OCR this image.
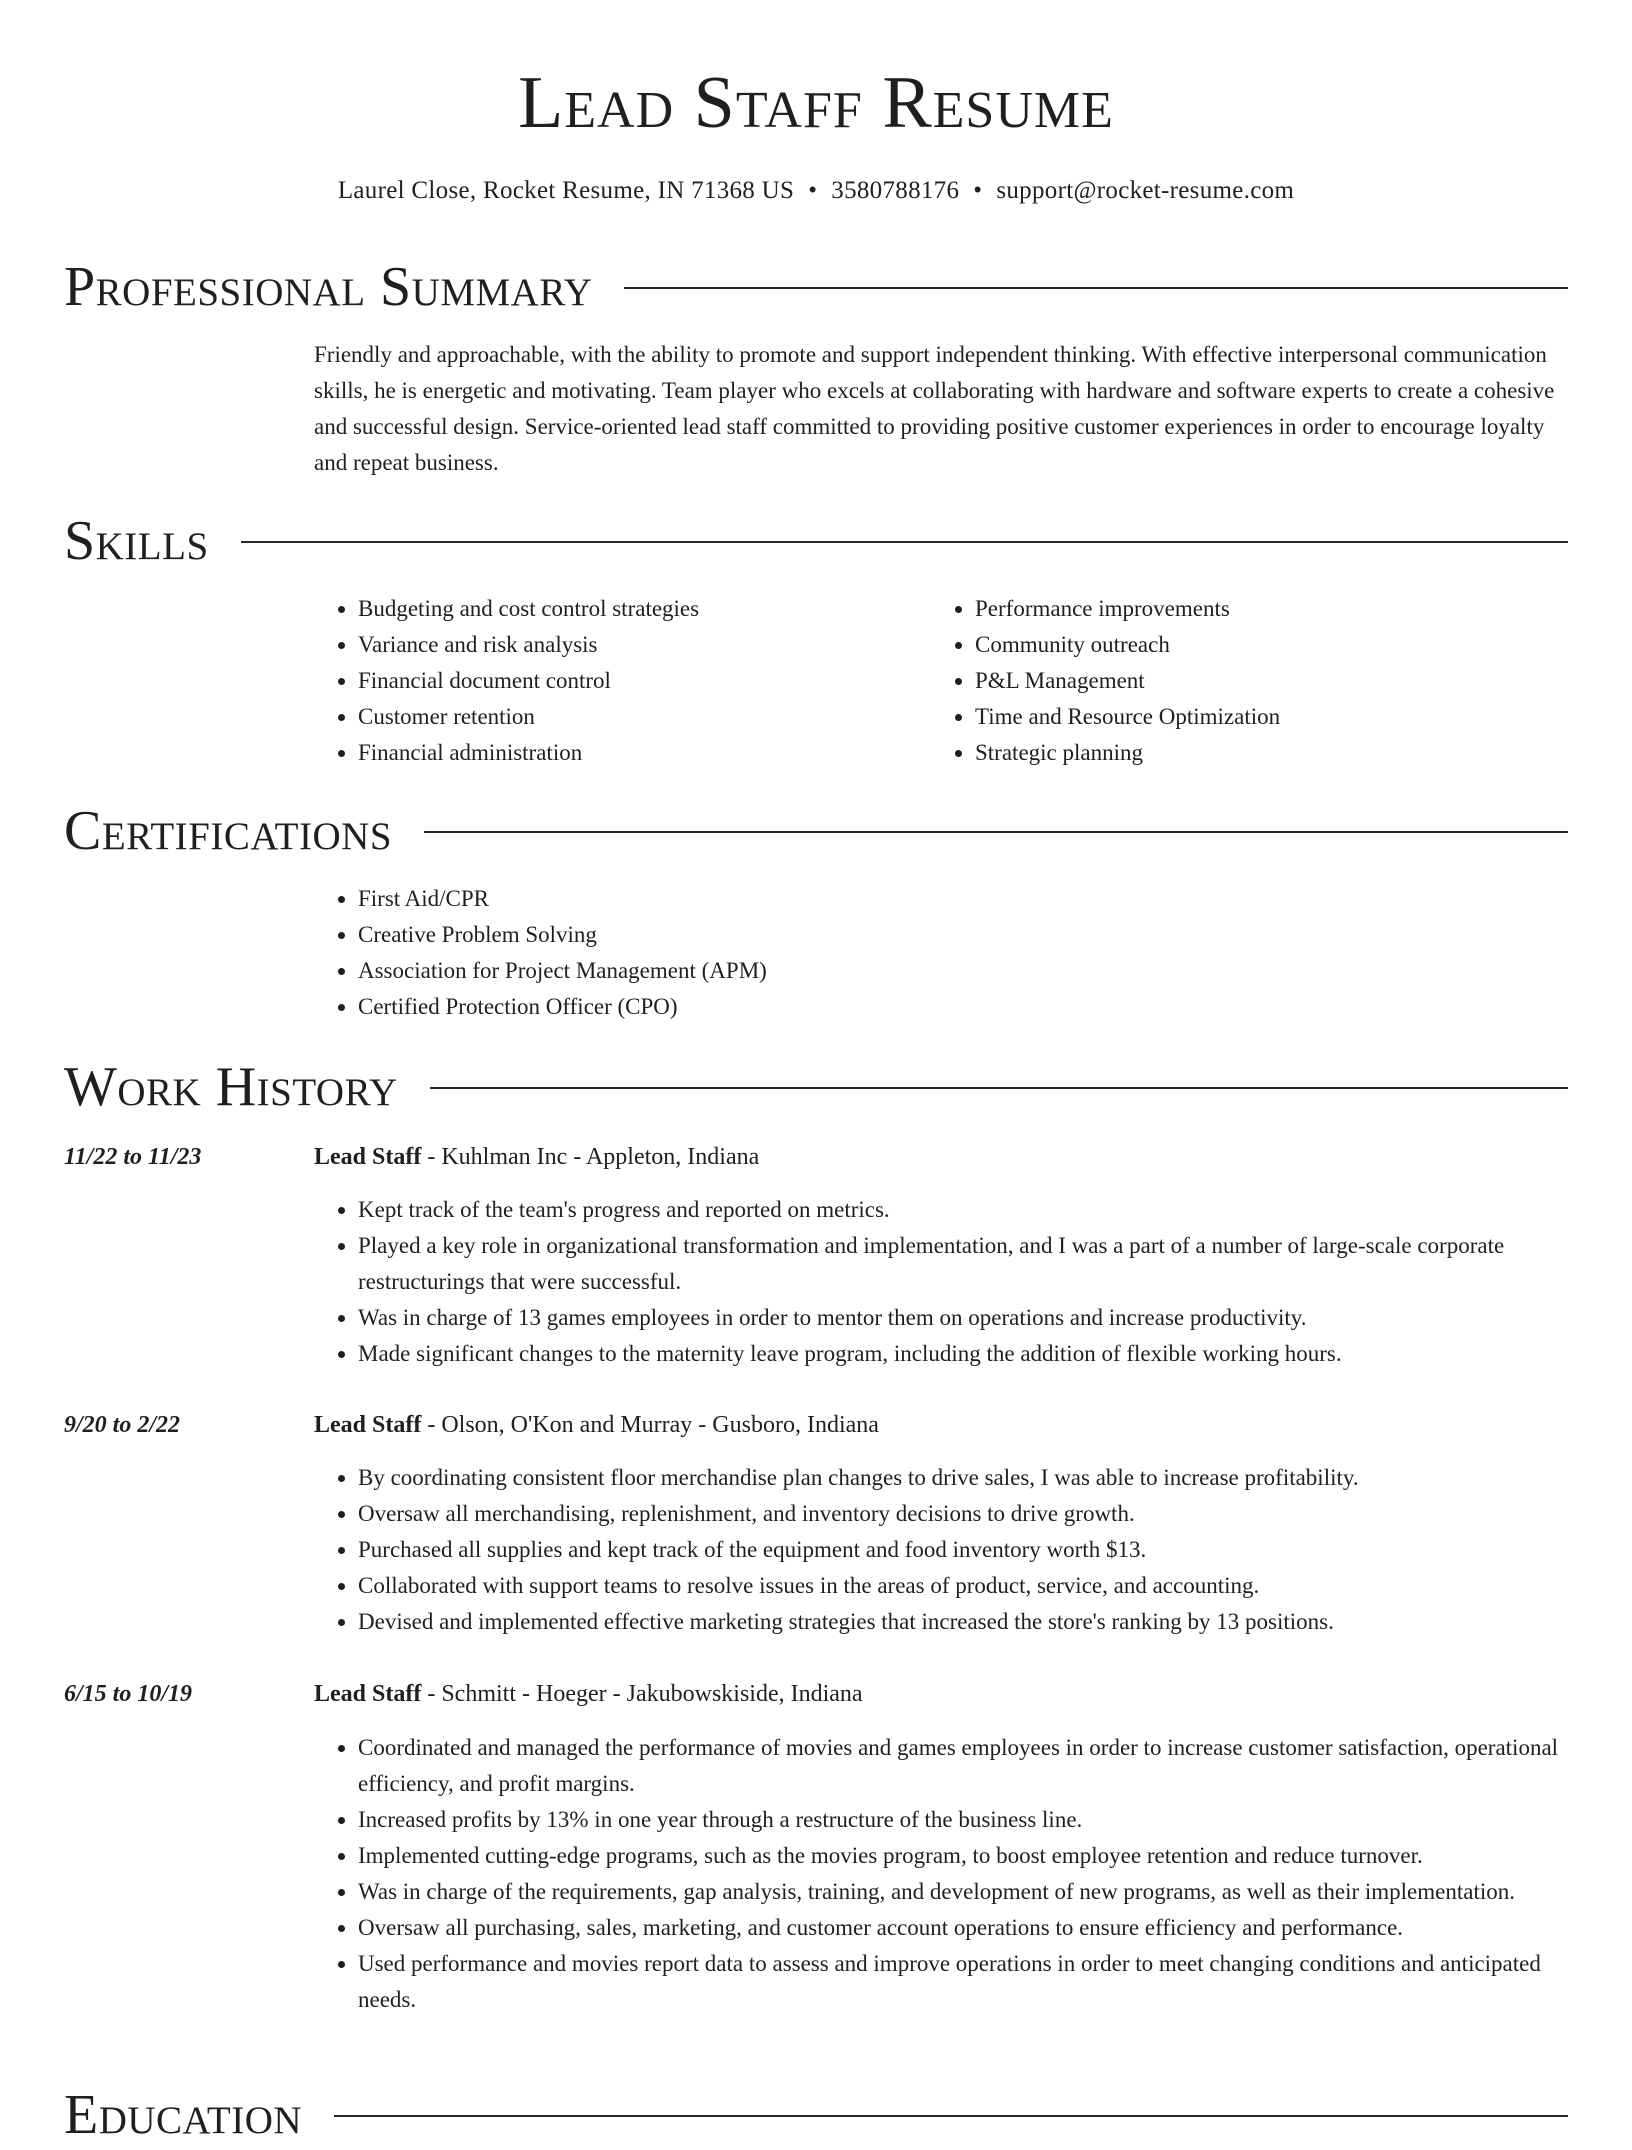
Lead Staff Resume
Laurel Close, Rocket Resume, IN 71368 US • 3580788176 • support@rocket-resume.com
Professional Summary
Friendly and approachable, with the ability to promote and support independent thinking. With effective interpersonal communication skills, he is energetic and motivating. Team player who excels at collaborating with hardware and software experts to create a cohesive and successful design. Service-oriented lead staff committed to providing positive customer experiences in order to encourage loyalty and repeat business.
Skills
• Budgeting and cost control strategies
• Variance and risk analysis
• Financial document control
• Customer retention
• Financial administration
• Performance improvements
• Community outreach
• P&L Management
• Time and Resource Optimization
• Strategic planning
Certifications
• First Aid/CPR
• Creative Problem Solving
• Association for Project Management (APM)
• Certified Protection Officer (CPO)
Work History
11/22 to 11/23	Lead Staff - Kuhlman Inc - Appleton, Indiana
• Kept track of the team's progress and reported on metrics.
• Played a key role in organizational transformation and implementation, and I was a part of a number of large-scale corporate restructurings that were successful.
• Was in charge of 13 games employees in order to mentor them on operations and increase productivity.
• Made significant changes to the maternity leave program, including the addition of flexible working hours.
9/20 to 2/22	Lead Staff - Olson, O'Kon and Murray - Gusboro, Indiana
• By coordinating consistent floor merchandise plan changes to drive sales, I was able to increase profitability.
• Oversaw all merchandising, replenishment, and inventory decisions to drive growth.
• Purchased all supplies and kept track of the equipment and food inventory worth $13.
• Collaborated with support teams to resolve issues in the areas of product, service, and accounting.
• Devised and implemented effective marketing strategies that increased the store's ranking by 13 positions.
6/15 to 10/19	Lead Staff - Schmitt - Hoeger - Jakubowskiside, Indiana
• Coordinated and managed the performance of movies and games employees in order to increase customer satisfaction, operational efficiency, and profit margins.
• Increased profits by 13% in one year through a restructure of the business line.
• Implemented cutting-edge programs, such as the movies program, to boost employee retention and reduce turnover.
• Was in charge of the requirements, gap analysis, training, and development of new programs, as well as their implementation.
• Oversaw all purchasing, sales, marketing, and customer account operations to ensure efficiency and performance.
• Used performance and movies report data to assess and improve operations in order to meet changing conditions and anticipated needs.
Education
